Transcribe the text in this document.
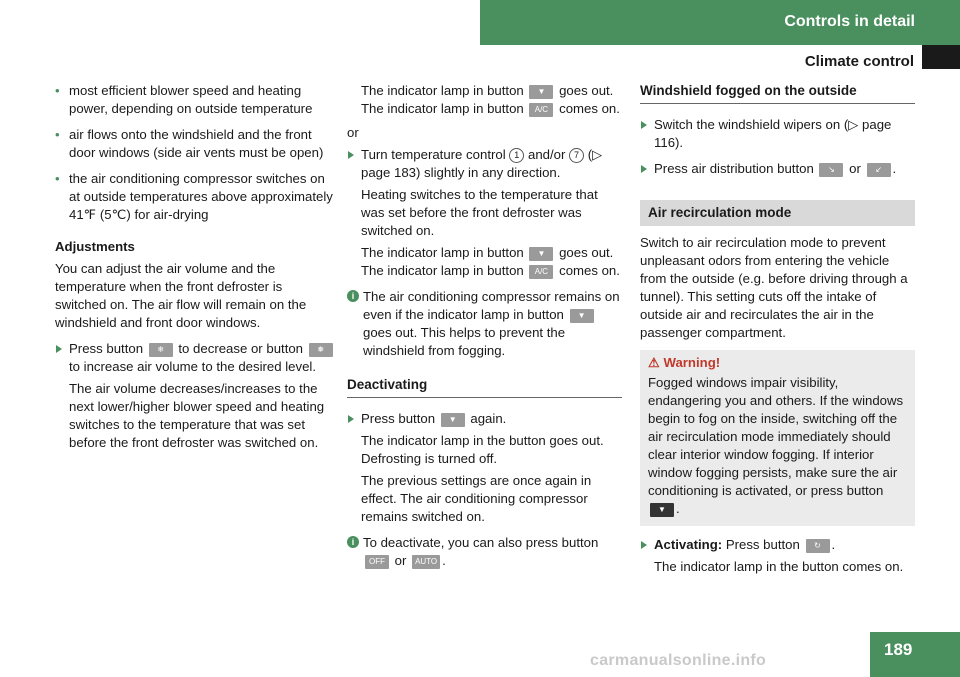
Controls in detail
Climate control
• most efficient blower speed and heating power, depending on outside temperature
• air flows onto the windshield and the front door windows (side air vents must be open)
• the air conditioning compressor switches on at outside temperatures above approximately 41℉ (5℃) for air-drying
Adjustments

You can adjust the air volume and the temperature when the front defroster is switched on. The air flow will remain on the windshield and front door windows.

Press button ❄ to decrease or button ❅ to increase air volume to the desired level.
The air volume decreases/increases to the next lower/higher blower speed and heating switches to the temperature that was set before the front defroster was switched on.
The indicator lamp in button ▼ goes out. The indicator lamp in button A/C comes on.

or

Turn temperature control 1 and/or 7 (▷ page 183) slightly in any direction.
Heating switches to the temperature that was set before the front defroster was switched on.
The indicator lamp in button ▼ goes out. The indicator lamp in button A/C comes on.
i The air conditioning compressor remains on even if the indicator lamp in button ▼ goes out. This helps to prevent the windshield from fogging.
Deactivating
Press button ▼ again.
The indicator lamp in the button goes out. Defrosting is turned off.
The previous settings are once again in effect. The air conditioning compressor remains switched on.
i To deactivate, you can also press button OFF or AUTO .
Windshield fogged on the outside
Switch the windshield wipers on (▷ page 116).
Press air distribution button ↘ or ↙ .
Air recirculation mode

Switch to air recirculation mode to prevent unpleasant odors from entering the vehicle from the outside (e.g. before driving through a tunnel). This setting cuts off the intake of outside air and recirculates the air in the passenger compartment.

⚠ Warning!
Fogged windows impair visibility, endangering you and others. If the windows begin to fog on the inside, switching off the air recirculation mode immediately should clear interior window fogging. If interior window fogging persists, make sure the air conditioning is activated, or press button ▼ .
Activating: Press button ↻ .
The indicator lamp in the button comes on.
189
carmanualsonline.info
